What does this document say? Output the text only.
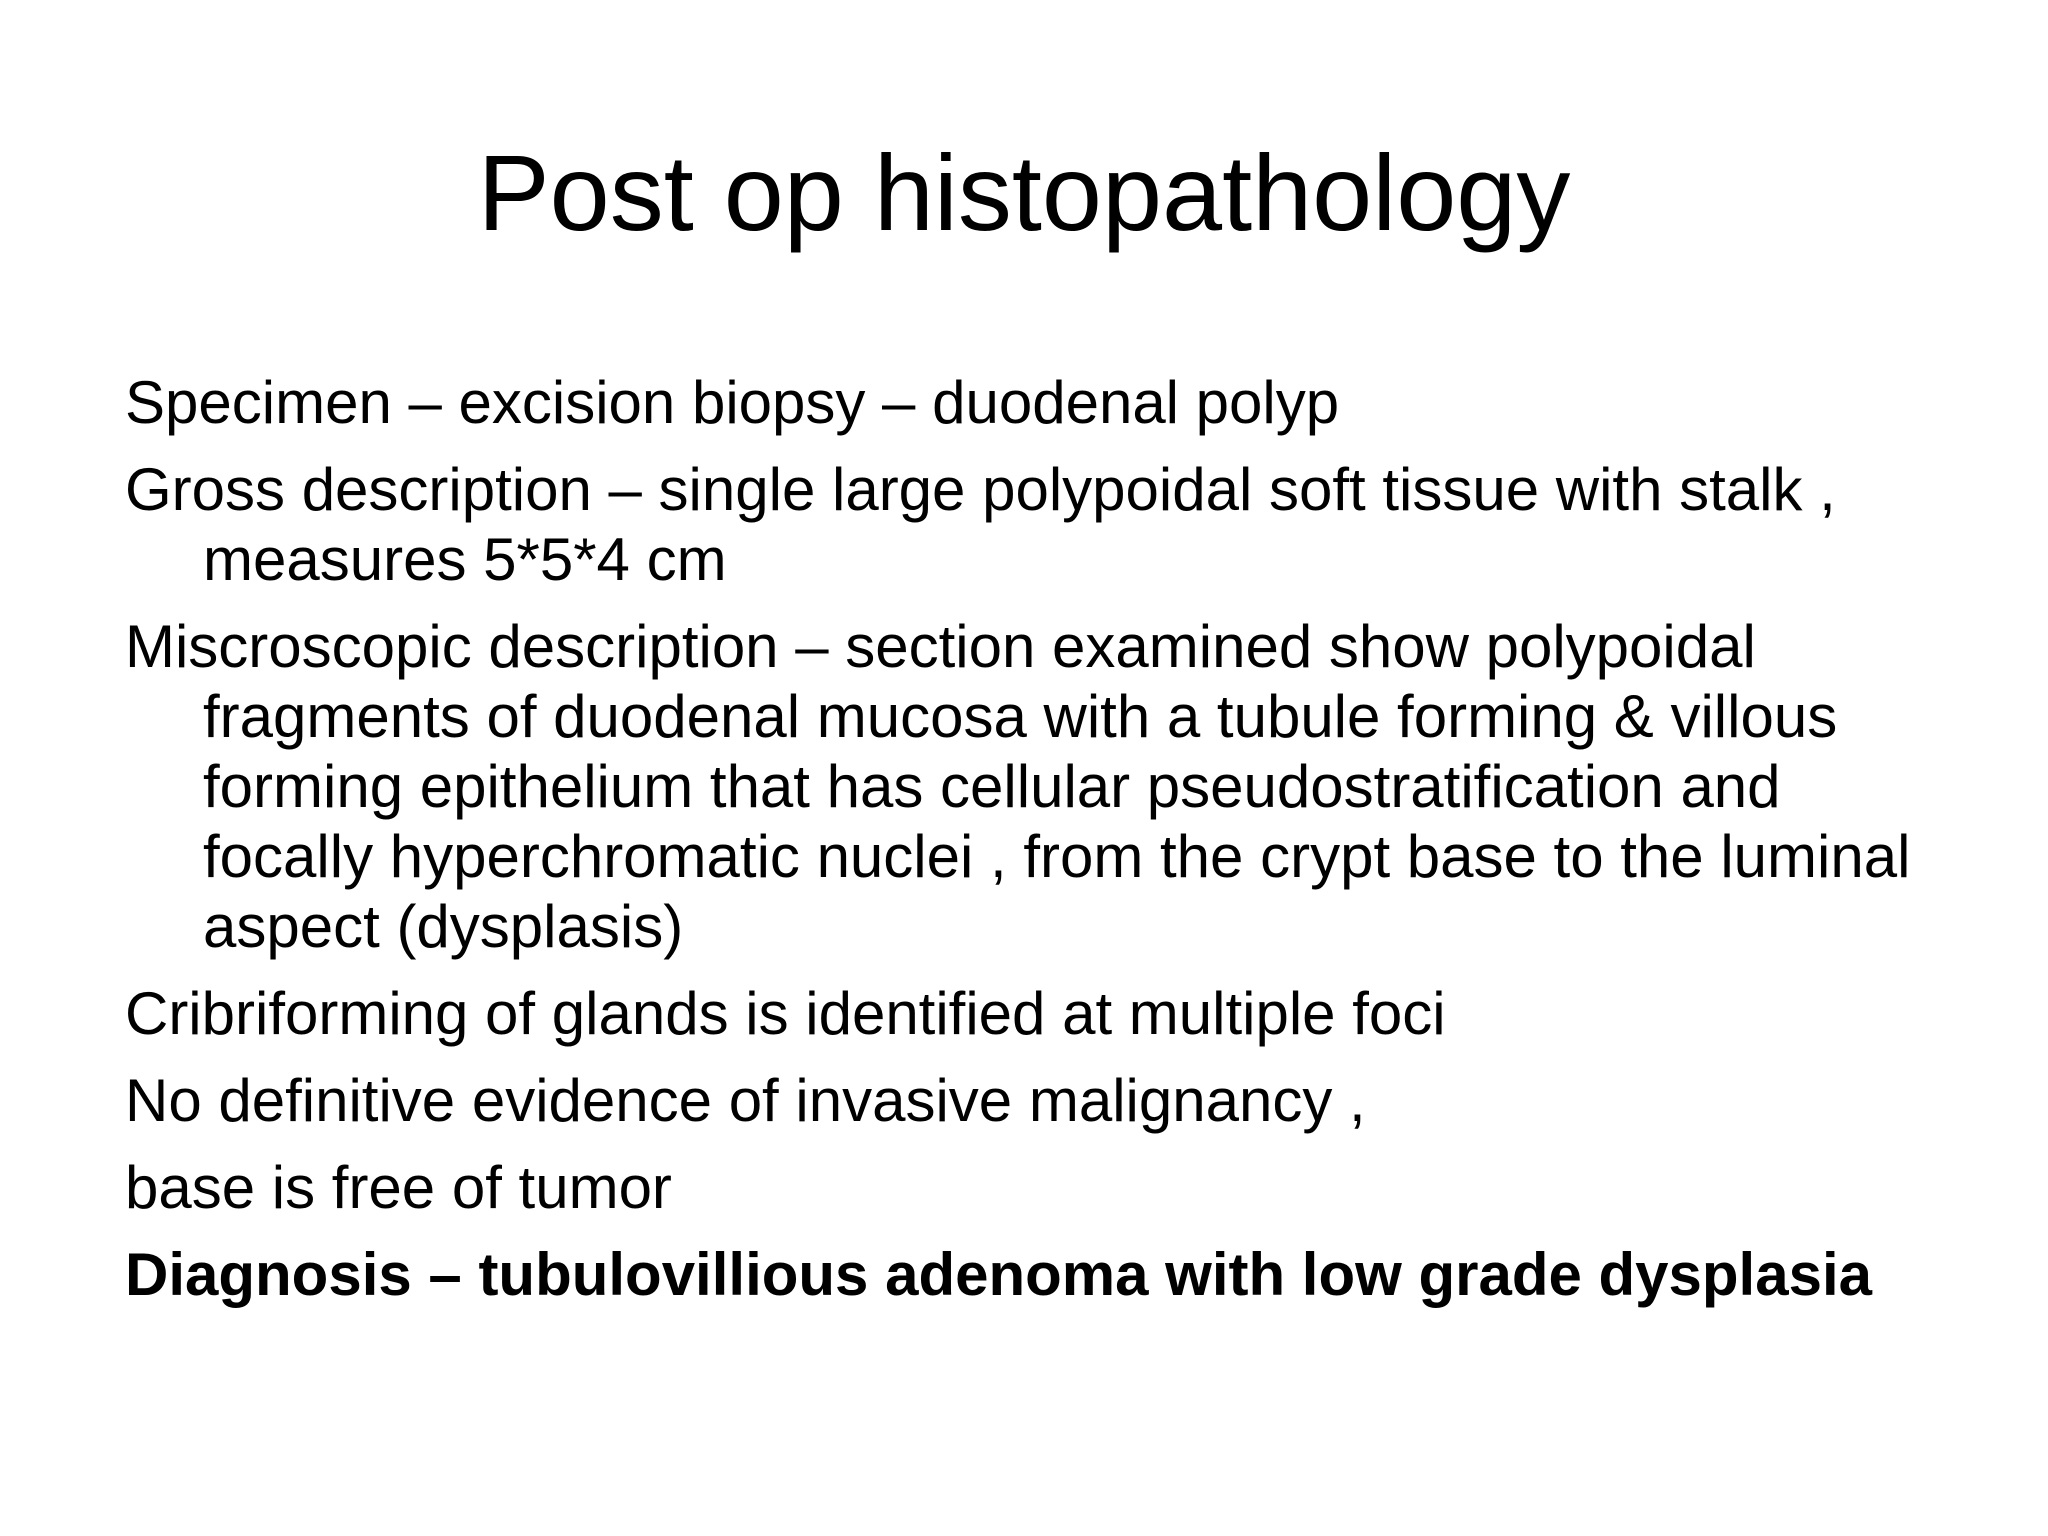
Post op histopathology
Specimen – excision biopsy – duodenal polyp
Gross description – single large polypoidal soft tissue with stalk , measures 5*5*4 cm
Miscroscopic description – section examined show polypoidal fragments of duodenal mucosa with a tubule forming & villous forming epithelium that has cellular pseudostratification and focally hyperchromatic nuclei , from the crypt base to the luminal aspect (dysplasis)
Cribriforming of glands is identified at multiple foci
No definitive evidence of invasive malignancy ,
base is free of tumor
Diagnosis – tubulovillious adenoma with low grade dysplasia
